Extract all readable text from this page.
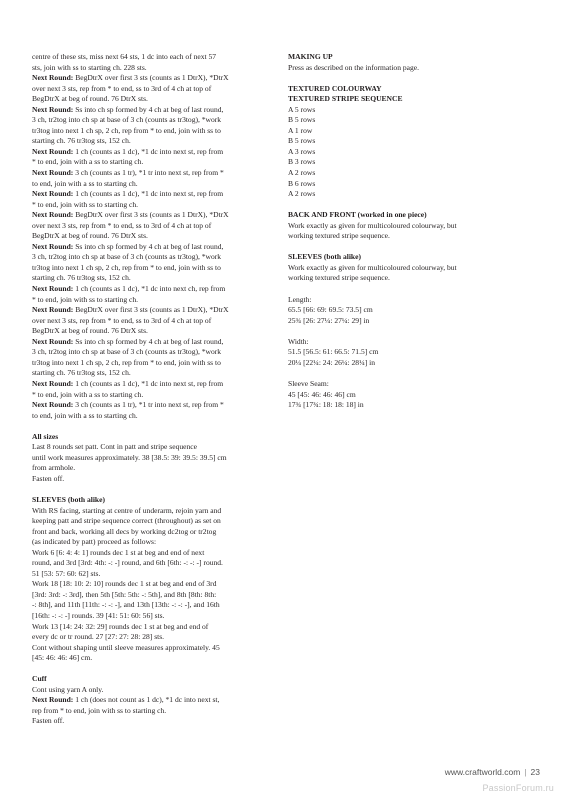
centre of these sts, miss next 64 sts, 1 dc into each of next 57
sts, join with ss to starting ch. 228 sts.

Next Round: BegDtrX over first 3 sts (counts as 1 DtrX), *DtrX
over next 3 sts, rep from * to end, ss to 3rd of 4 ch at top of
BegDtrX at beg of round. 76 DtrX sts.

Next Round: Ss into ch sp formed by 4 ch at beg of last round,
3 ch, tr2tog into ch sp at base of 3 ch (counts as tr3tog), *work
tr3tog into next 1 ch sp, 2 ch, rep from * to end, join with ss to
starting ch. 76 tr3tog sts, 152 ch.

Next Round: 1 ch (counts as 1 dc), *1 dc into next st, rep from
* to end, join with a ss to starting ch.

Next Round: 3 ch (counts as 1 tr), *1 tr into next st, rep from *
to end, join with a ss to starting ch.

Next Round: 1 ch (counts as 1 dc), *1 dc into next st, rep from
* to end, join with ss to starting ch.

Next Round: BegDtrX over first 3 sts (counts as 1 DtrX), *DtrX
over next 3 sts, rep from * to end, ss to 3rd of 4 ch at top of
BegDtrX at beg of round. 76 DtrX sts.

Next Round: Ss into ch sp formed by 4 ch at beg of last round,
3 ch, tr2tog into ch sp at base of 3 ch (counts as tr3tog), *work
tr3tog into next 1 ch sp, 2 ch, rep from * to end, join with ss to
starting ch. 76 tr3tog sts, 152 ch.

Next Round: 1 ch (counts as 1 dc), *1 dc into next ch, rep from
* to end, join with ss to starting ch.

Next Round: BegDtrX over first 3 sts (counts as 1 DtrX), *DtrX
over next 3 sts, rep from * to end, ss to 3rd of 4 ch at top of
BegDtrX at beg of round. 76 DtrX sts.

Next Round: Ss into ch sp formed by 4 ch at beg of last round,
3 ch, tr2tog into ch sp at base of 3 ch (counts as tr3tog), *work
tr3tog into next 1 ch sp, 2 ch, rep from * to end, join with ss to
starting ch. 76 tr3tog sts, 152 ch.

Next Round: 1 ch (counts as 1 dc), *1 dc into next st, rep from
* to end, join with a ss to starting ch.

Next Round: 3 ch (counts as 1 tr), *1 tr into next st, rep from *
to end, join with a ss to starting ch.

All sizes
Last 8 rounds set patt. Cont in patt and stripe sequence
until work measures approximately. 38 [38.5: 39: 39.5: 39.5] cm
from armhole.
Fasten off.

SLEEVES (both alike)
With RS facing, starting at centre of underarm, rejoin yarn and
keeping patt and stripe sequence correct (throughout) as set on
front and back, working all decs by working dc2tog or tr2tog
(as indicated by patt) proceed as follows:
Work 6 [6: 4: 4: 1] rounds dec 1 st at beg and end of next
round, and 3rd [3rd: 4th: -: -] round, and 6th [6th: -: -: -] round.
51 [53: 57: 60: 62] sts.
Work 18 [18: 10: 2: 10] rounds dec 1 st at beg and end of 3rd
[3rd: 3rd: -: 3rd], then 5th [5th: 5th: -: 5th], and 8th [8th: 8th:
-: 8th], and 11th [11th: -: -: -], and 13th [13th: -: -: -], and 16th
[16th: -: -: -] rounds. 39 [41: 51: 60: 56] sts.
Work 13 [14: 24: 32: 29] rounds dec 1 st at beg and end of
every dc or tr round. 27 [27: 27: 28: 28] sts.
Cont without shaping until sleeve measures approximately. 45
[45: 46: 46: 46] cm.

Cuff
Cont using yarn A only.

Next Round: 1 ch (does not count as 1 dc), *1 dc into next st,
rep from * to end, join with ss to starting ch.
Fasten off.

MAKING UP
Press as described on the information page.

TEXTURED COLOURWAY
TEXTURED STRIPE SEQUENCE
A 5 rows
B 5 rows
A 1 row
B 5 rows
A 3 rows
B 3 rows
A 2 rows
B 6 rows
A 2 rows

BACK AND FRONT (worked in one piece)
Work exactly as given for multicoloured colourway, but
working textured stripe sequence.

SLEEVES (both alike)
Work exactly as given for multicoloured colourway, but
working textured stripe sequence.

Length:
65.5 [66: 69: 69.5: 73.5] cm
25¾ [26: 27¼: 27¼: 29] in

Width:
51.5 [56.5: 61: 66.5: 71.5] cm
20¼ [22¼: 24: 26¼: 28¼] in

Sleeve Seam:
45 [45: 46: 46: 46] cm
17¾ [17¾: 18: 18: 18] in

www.craftworld.com | 23
PassionForum.ru
